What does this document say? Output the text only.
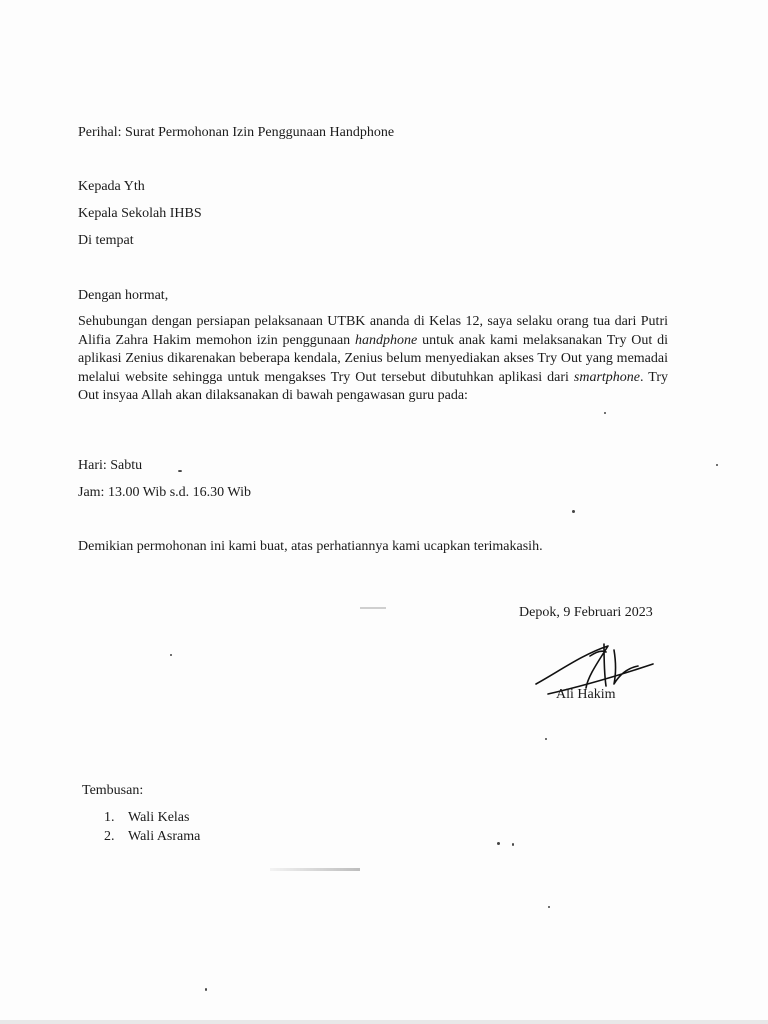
Perihal: Surat Permohonan Izin Penggunaan Handphone
Kepada Yth
Kepala Sekolah IHBS
Di tempat
Dengan hormat,
Sehubungan dengan persiapan pelaksanaan UTBK ananda di Kelas 12, saya selaku orang tua dari Putri Alifia Zahra Hakim memohon izin penggunaan handphone untuk anak kami melaksanakan Try Out di aplikasi Zenius dikarenakan beberapa kendala, Zenius belum menyediakan akses Try Out yang memadai melalui website sehingga untuk mengakses Try Out tersebut dibutuhkan aplikasi dari smartphone. Try Out insyaa Allah akan dilaksanakan di bawah pengawasan guru pada:
Hari: Sabtu
Jam: 13.00 Wib s.d. 16.30 Wib
Demikian permohonan ini kami buat, atas perhatiannya kami ucapkan terimakasih.
Depok, 9 Februari 2023
Ali Hakim
Tembusan:
1. Wali Kelas
2. Wali Asrama
